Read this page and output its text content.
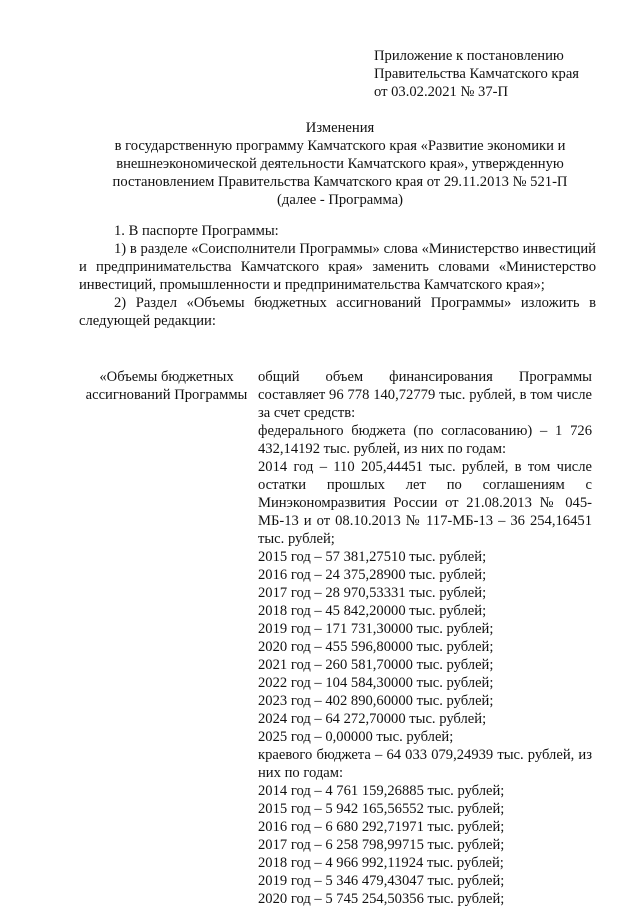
Приложение к постановлению
Правительства Камчатского края
от 03.02.2021 № 37-П
Изменения
в государственную программу Камчатского края «Развитие экономики и
внешнеэкономической деятельности Камчатского края», утвержденную
постановлением Правительства Камчатского края от 29.11.2013 № 521-П
(далее - Программа)

1. В паспорте Программы:

1) в разделе «Соисполнители Программы» слова «Министерство инвестиций и предпринимательства Камчатского края» заменить словами «Министерство инвестиций, промышленности и предпринимательства Камчатского края»;

2) Раздел «Объемы бюджетных ассигнований Программы» изложить в следующей редакции:

«Объемы бюджетных
ассигнований Программы

общий объем финансирования Программы составляет 96 778 140,72779 тыс. рублей, в том числе за счет средств:

федерального бюджета (по согласованию) – 1 726 432,14192 тыс. рублей, из них по годам:

2014 год – 110 205,44451 тыс. рублей, в том числе остатки прошлых лет по соглашениям с Минэкономразвития России от 21.08.2013 № 045-МБ-13 и от 08.10.2013 № 117-МБ-13 – 36 254,16451 тыс. рублей;

2015 год – 57 381,27510 тыс. рублей;

2016 год – 24 375,28900 тыс. рублей;

2017 год – 28 970,53331 тыс. рублей;

2018 год – 45 842,20000 тыс. рублей;

2019 год – 171 731,30000 тыс. рублей;

2020 год – 455 596,80000 тыс. рублей;

2021 год – 260 581,70000 тыс. рублей;

2022 год – 104 584,30000 тыс. рублей;

2023 год – 402 890,60000 тыс. рублей;

2024 год – 64 272,70000 тыс. рублей;

2025 год – 0,00000 тыс. рублей;

краевого бюджета – 64 033 079,24939 тыс. рублей, из них по годам:

2014 год – 4 761 159,26885 тыс. рублей;

2015 год – 5 942 165,56552 тыс. рублей;

2016 год – 6 680 292,71971 тыс. рублей;

2017 год – 6 258 798,99715 тыс. рублей;

2018 год – 4 966 992,11924 тыс. рублей;

2019 год – 5 346 479,43047 тыс. рублей;

2020 год – 5 745 254,50356 тыс. рублей;
